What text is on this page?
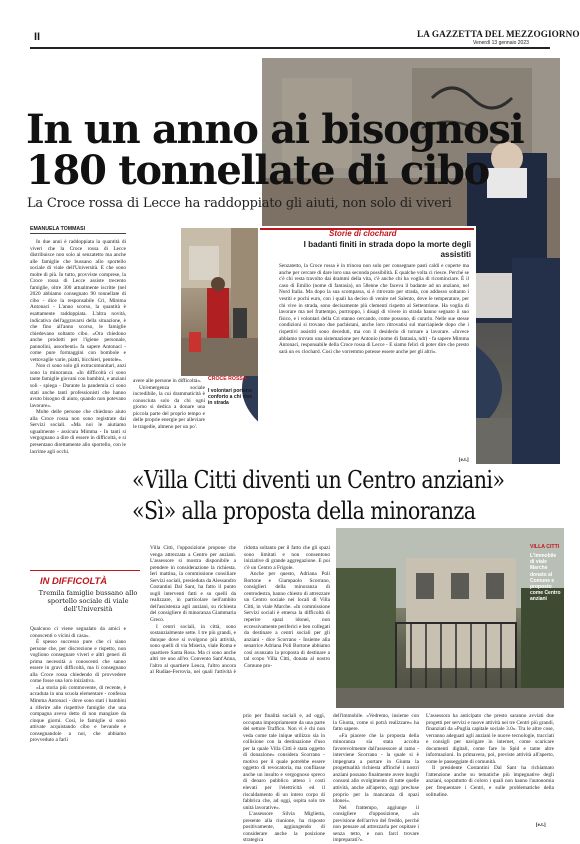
II	LA GAZZETTA DEL MEZZOGIORNO
Venerdì 13 gennaio 2023
In un anno ai bisognosi
180 tonnellate di cibo
La Croce rossa di Lecce ha raddoppiato gli aiuti, non solo di viveri
EMANUELA TOMMASI

In due anni è raddoppiata la quantità di viveri che la Croce rossa di Lecce distribuisce non solo ai senzatetto ma anche alle famiglie che bussano allo sportello sociale di viale dell'Università. E che sono molte di più. In tutto, provviste comprese, la Croce rossa di Lecce assiste trecento famiglie, oltre 300 attualmente iscritte (nel 2020 abbiamo consegnato 90 tonnellate di cibo - dice la responsabile Cri, Mimma Antonaci - L'anno scorso, la quantità è esattamente raddoppiata. L'altra novità, indicativa dell'aggravarsi della situazione, è che fino all'anno scorso, le famiglie chiedevano soltanto cibo. «Ora chiedono anche prodotti per l'igiene personale, pannolini, assorbenti» fa sapere Antonaci - come pure formaggini con bombole e vettovaglie varie, piatti, bicchieri, pentole».

Non ci sono solo gli extracomunitari, anzi sono la minoranza. «In difficoltà ci sono tante famiglie giovani con bambini, e anziani soli - spiega - Durante la pandemia ci sono stati anche tanti professionisti che hanno avuto bisogno di aiuto, quando non potevano lavorare».

Molte delle persone che chiedono aiuto alla Croce rossa non sono registrate dai Servizi sociali. «Ma noi le aiutiamo ugualmente - assicura Mimma - In tanti si vergognano a dire di essere in difficoltà, e si presentano direttamente allo sportello, con le lacrime agli occhi.

IN DIFFICOLTÀ
Tremila famiglie bussano allo sportello sociale di viale dell'Università

Qualcuno ci viene segnalato da amici e conoscenti o vicini di casa».

È spesso successo pure che ci siano persone che, per discrezione e rispetto, non vogliono consegnare viveri e altri generi di prima necessità a conoscenti che sanno essere in gravi difficoltà, ma li consegnano alla Croce rossa chiedendo di provvedere come fosse una loro iniziativa.

«La storia più commovente, di recente, è accaduta in una scuola elementare - confessa Mimma Antonaci - dove sono stati i bambini a riferire alle rispettive famiglie che una compagna aveva detto di non mangiare da cinque giorni. Così, le famiglie si sono attivate acquistando cibo e bevande e consegnandole a noi, che abbiamo provveduto a farli

CROCE ROSSA
I volontari portano conforto a chi vive in strada

avere alle persone in difficoltà».

Un'emergenza sociale incredibile, la cui drammaticità è conosciuta solo da chi ogni giorno si dedica a donare una piccola parte del proprio tempo e delle proprie energie per alleviare le tragedie, almeno per un po'.

Storie di clochard
I badanti finiti in strada dopo la morte degli assistiti

Senzatetto, la Croce rossa è in trincea non solo per consegnare pasti caldi e coperte ma anche per cercare di dare loro una seconda possibilità. E qualche volta ci riesce. Perché se c'è chi resta travolto dai drammi della vita, c'è anche chi ha voglia di ricominciare. È il caso di Emilio (nome di fantasia), un 58enne che faceva il badante ad un anziano, nel Nord Italia. Ma dopo la sua scomparsa, si è ritrovato per strada, con addosso soltanto i vestiti e pochi euro, con i quali ha deciso di venire nel Salento, dove le temperature, per chi vive in strada, sono decisamente più clementi rispetto al Settentrione. Ha voglia di lavorare ma nel frattempo, purtroppo, i disagi di vivere in strada hanno segnato il suo fisico, e i volontari della Cri stanno cercando, come possono, di curarlo. Nelle sue stesse condizioni si trovano due pachistani, anche loro ritrovatisi sul marciapiede dopo che i rispettivi assistiti sono deceduti, ma con il desiderio di tornare a lavorare. «Invece abbiamo trovato una sistemazione per Antonio (nome di fantasia, ndr) - fa sapere Mimma Antonaci, responsabile della Croce rossa di Lecce - E siamo felici di poter dire che presto sarà un ex clochard. Così che vorremmo potesse essere anche per gli altri».

[e.t.]
«Villa Citti diventi un Centro anziani»
«Sì» alla proposta della minoranza
VILLA CITTI
L'immobile di viale Marche donato al Comune e proposto come Centro anziani

Villa Citti, l'opposizione propone che venga attrezzata a Centro per anziani. L'assessore si mostra disponibile a prendere in considerazione la richiesta. Ieri mattina, la commissione consiliare Servizi sociali, presieduta da Alessandro Costantini Dal Sant, ha fatto il punto sugli interventi fatti e su quelli da realizzare, in particolare nell'ambito dell'assistenza agli anziani, su richiesta del consigliere di minoranza Giammaria Greco.

I centri sociali, in città, sono sostanzialmente sette. I tre più grandi, e dunque dove si svolgono più attività, sono quelli di via Miseria, viale Roma e quartiere Santa Rosa. Ma ci sono anche altri tre uno all'ex Convento Sant'Anna, l'altro al quartiere Leuca, l'altro ancora al Rudiae-Ferrovia, nei quali l'attività è ridotta soltanto per il fatto che gli spazi sono limitati e non consentono iniziative di grande aggregazione. E poi c'è un Centro a Frigole.

Anche per questo, Adriana Poli Bortone e Giampaolo Scorrano, consiglieri della minoranza di centrodestra, hanno chiesto di attrezzare un Centro sociale nei locali di Villa Citti, in viale Marche. «In commissione Servizi sociali è emersa la difficoltà di reperire spazi idonei, non eccessivamente periferici e ben collegati da destinare a centri sociali per gli anziani - dice Scorrano - Insieme alla senatrice Adriana Poli Bortone abbiamo così avanzato la proposta di destinare a tal scopo Villa Citti, donata al nostro Comune pro-

prio per finalità sociali e, ad oggi, occupata impropriamente da una parte del settore Traffico. Non vi è chi non veda come tale inique utilizzo sia in collisione con la destinazione d'uso per la quale Villa Citti è stata oggetto di donazione» considera Scorrano - motivo per il quale potrebbe essere oggetto di revocatoria, ma confliasse anche un insulto e vergognoso spreco di denaro pubblico atteso i costi elevati per l'elettricità ed il riscaldamento di un intero corpo di fabbrica che, ad oggi, ospita solo tre unità lavorative».

L'assessore Silvia Miglietta, presente alla riunione, ha risposto positivamente, aggiungendo di considerare anche la posizione strategica

dell'immobile. «Vedremo, insieme con la Giunta, come si potrà realizzare» ha fatto sapere.

«Fa piacere che la proposta della minoranza sia stata accolta favorevolmente dall'assessore al ramo - interviene Scorrano - la quale si è impegnata a portare in Giunta la progettualità richiesta affinché i nostri anziani possano finalmente avere luoghi consoni allo svolgimento di tutte quelle attività, anche all'aperto, oggi precluse proprio per la mancanza di spazi idonei».

Nel frattempo, aggiunge il consigliere d'opposizione, «in previsione dell'arrivo del freddo, perché non pensare ad attrezzarla per ospitare i senza tetto, e non farci trovare impreparati?».

L'assessora ha anticipato che presto saranno avviati due progetti per servizi e nuove attività nei tre Centri più grandi, finanziati da «Puglia capitale sociale 3.0». Tra le altre cose, verranno adeguati agli anziani le nuove tecnologie, tracciati e consigli per navigare in internet, come scaricare documenti digitali, come fare lo Spid e tante altre informazioni. In primavera, poi, previste attività all'aperto, come le passeggiate di comunità.

Il presidente Costantini Dal Sant ha richiamato l'attenzione anche su tematiche più impegnative degli anziani, soprattutto di coloro i quali non hanno l'autonomia per frequentare i Centri, e sulle problematiche della solitudine.

[e.t.]
